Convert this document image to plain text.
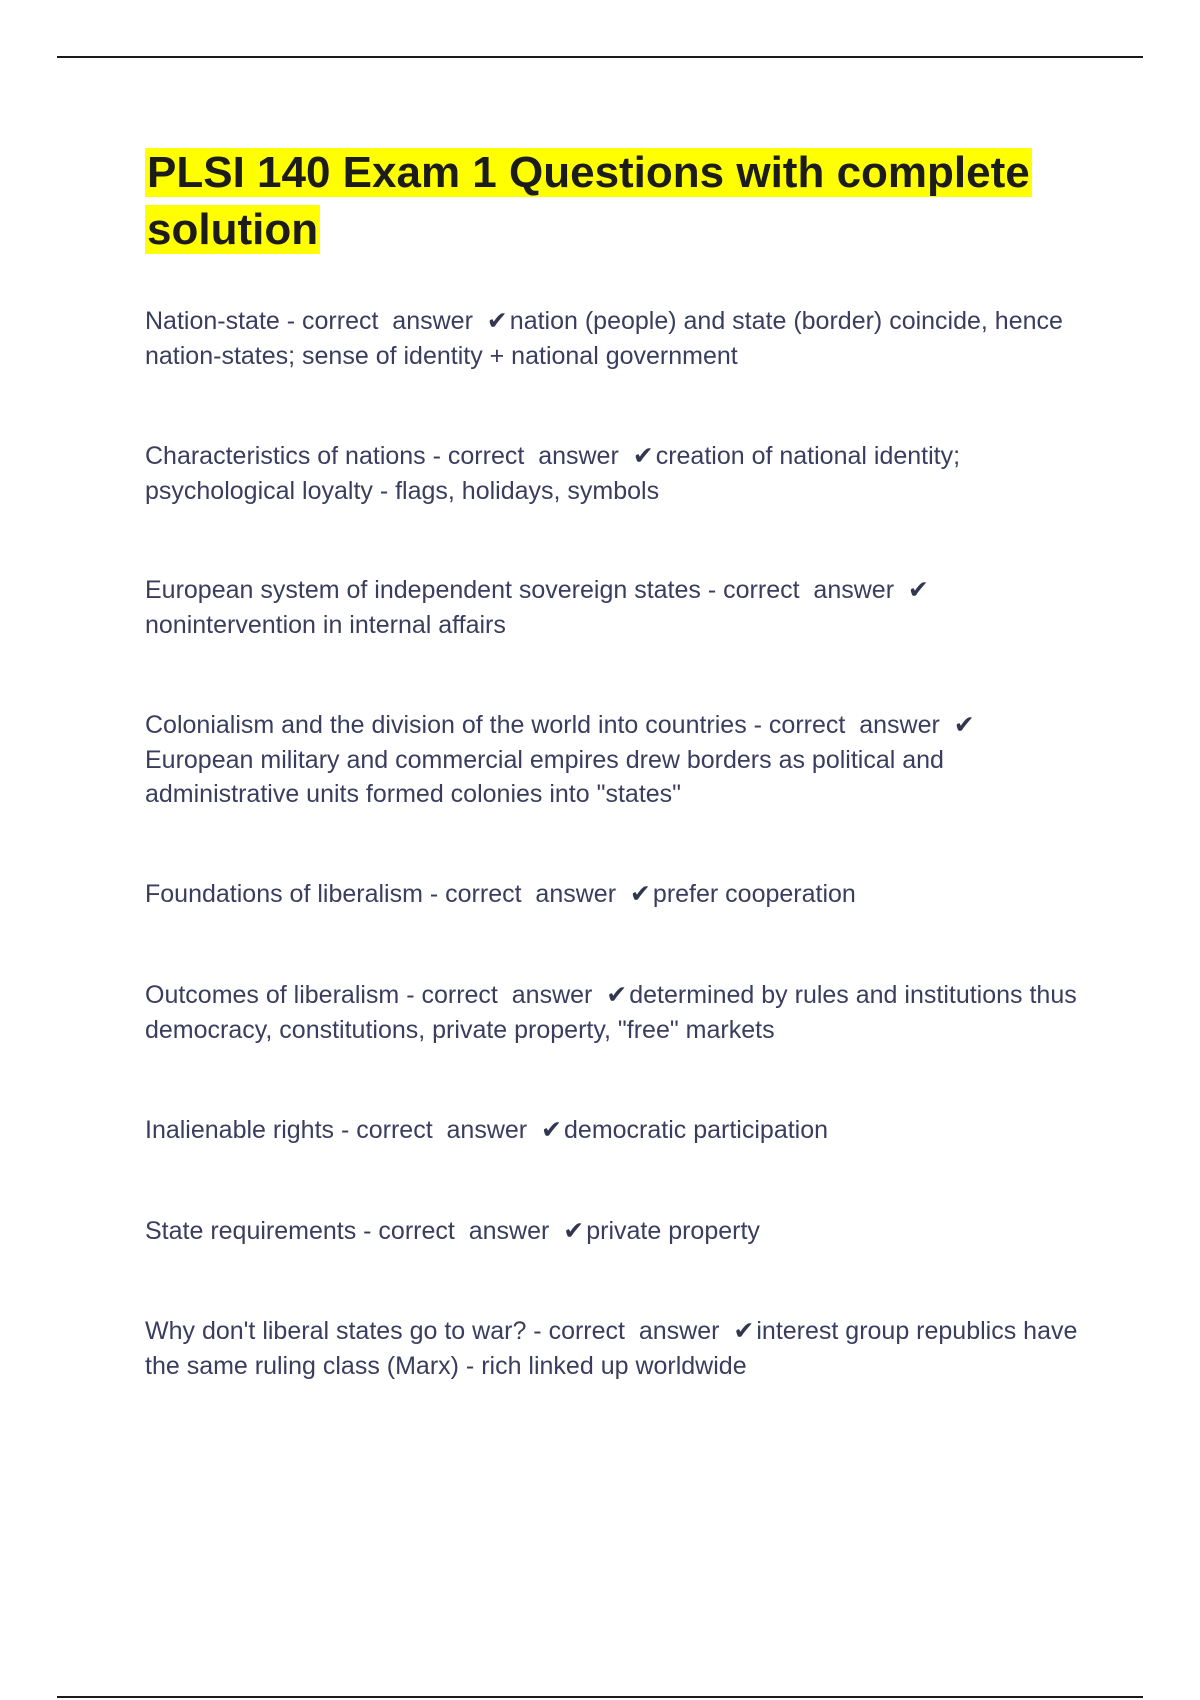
PLSI 140 Exam 1 Questions with complete solution

Nation-state - correct  answer  ✔nation (people) and state (border) coincide, hence nation-states; sense of identity + national government

Characteristics of nations - correct  answer  ✔creation of national identity; psychological loyalty - flags, holidays, symbols

European system of independent sovereign states - correct  answer  ✔nonintervention in internal affairs

Colonialism and the division of the world into countries - correct  answer  ✔European military and commercial empires drew borders as political and administrative units formed colonies into "states"

Foundations of liberalism - correct  answer  ✔prefer cooperation

Outcomes of liberalism - correct  answer  ✔determined by rules and institutions thus democracy, constitutions, private property, "free" markets

Inalienable rights - correct  answer  ✔democratic participation

State requirements - correct  answer  ✔private property

Why don't liberal states go to war? - correct  answer  ✔interest group republics have the same ruling class (Marx) - rich linked up worldwide
